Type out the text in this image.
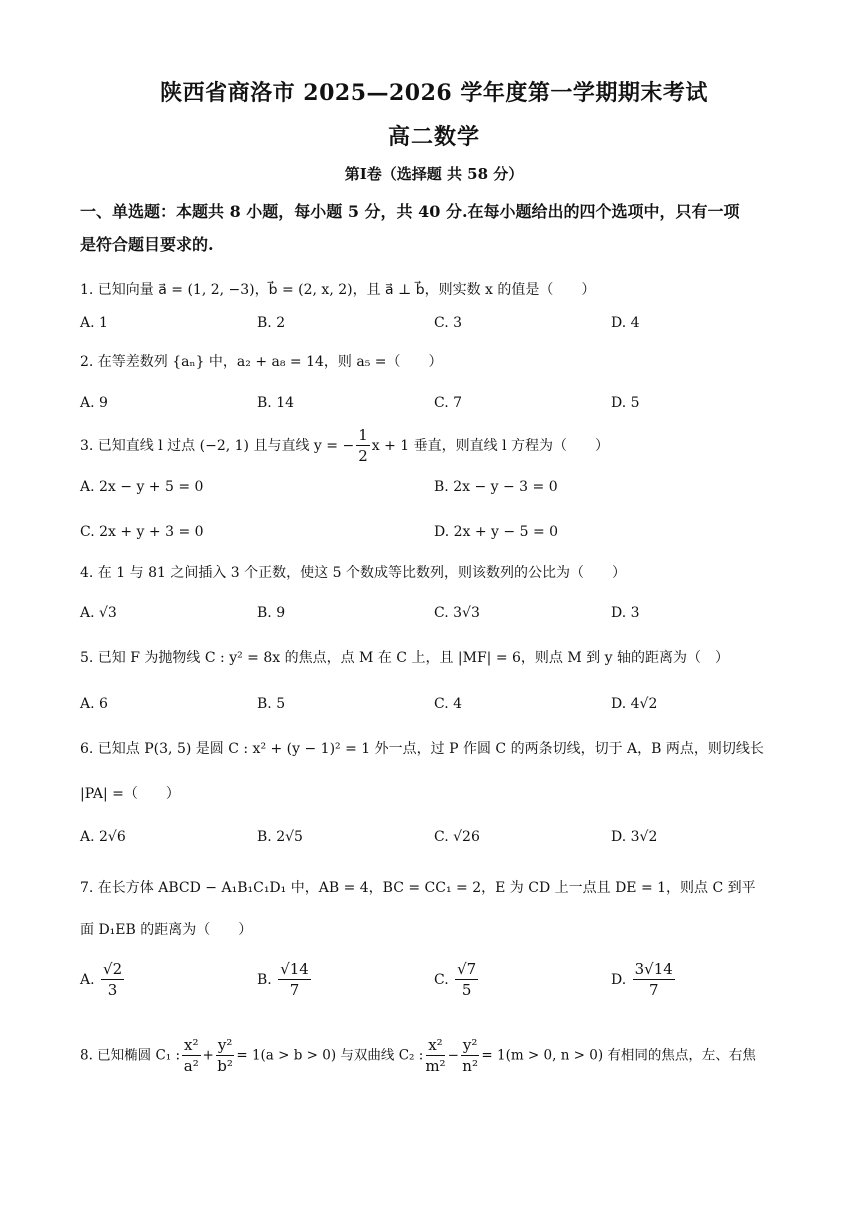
陕西省商洛市 2025—2026 学年度第一学期期末考试
高二数学
第Ⅰ卷（选择题 共 58 分）
一、单选题：本题共 8 小题，每小题 5 分，共 40 分.在每小题给出的四个选项中，只有一项
是符合题目要求的.
1. 已知向量 a⃗ = (1, 2, −3)，b⃗ = (2, x, 2)，且 a⃗ ⊥ b⃗，则实数 x 的值是（　　）
A. 1	B. 2	C. 3	D. 4
2. 在等差数列 {aₙ} 中，a₂ + a₈ = 14，则 a₅ =（　　）
A. 9	B. 14	C. 7	D. 5
3. 已知直线 l 过点 (−2, 1) 且与直线 y = − $\frac{1}{2}$ x + 1 垂直，则直线 l 方程为（　　）
A. 2x − y + 5 = 0	B. 2x − y − 3 = 0
C. 2x + y + 3 = 0	D. 2x + y − 5 = 0
4. 在 1 与 81 之间插入 3 个正数，使这 5 个数成等比数列，则该数列的公比为（　　）
A. √3	B. 9	C. 3√3	D. 3
5. 已知 F 为抛物线 C : y² = 8x 的焦点，点 M 在 C 上，且 |MF| = 6，则点 M 到 y 轴的距离为（　）
A. 6	B. 5	C. 4	D. 4√2
6. 已知点 P(3, 5) 是圆 C : x² + (y − 1)² = 1 外一点，过 P 作圆 C 的两条切线，切于 A，B 两点，则切线长
|PA| =（　　）
A. 2√6	B. 2√5	C. √26	D. 3√2
7. 在长方体 ABCD − A₁B₁C₁D₁ 中，AB = 4，BC = CC₁ = 2，E 为 CD 上一点且 DE = 1，则点 C 到平
面 D₁EB 的距离为（　　）
A. $\frac{√2}{3}$	B. $\frac{√14}{7}$	C. $\frac{√7}{5}$	D. $\frac{3√14}{7}$
8. 已知椭圆 C₁ : $\frac{\text{x²}}{\text{a²}} + \frac{\text{y²}}{\text{b²}} = 1(a > b > 0)$ 与双曲线 C₂ : $\frac{\text{x²}}{\text{m²}} - \frac{\text{y²}}{\text{n²}} = 1(m > 0$, n > 0) 有相同的焦点，左、右焦
